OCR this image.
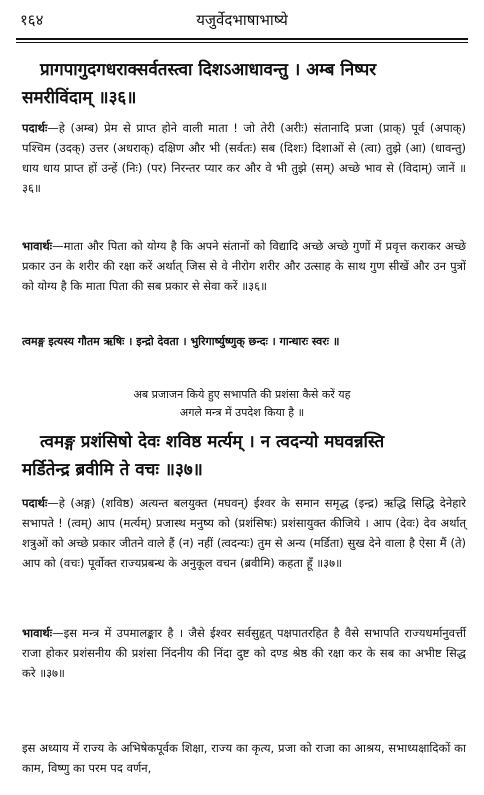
१६४	यजुर्वेदभाषाभाष्ये
प्रागपागुदगधराक्सर्वतस्त्वा दिशऽआधावन्तु । अम्ब निष्पर
समरीविंदाम् ॥३६॥
पदार्थः—हे (अम्ब) प्रेम से प्राप्त होने वाली माता ! जो तेरी (अरीः) संतानादि प्रजा (प्राक्) पूर्व (अपाक्) पश्चिम (उदक्) उत्तर (अधराक्) दक्षिण और भी (सर्वतः) सब (दिशः) दिशाओं से (त्वा) तुझे (आ) (धावन्तु) धाय धाय प्राप्त हों उन्हें (निः) (पर) निरन्तर प्यार कर और वे भी तुझे (सम्) अच्छे भाव से (विदाम्) जानें ॥३६॥
भावार्थः—माता और पिता को योग्य है कि अपने संतानों को विद्यादि अच्छे अच्छे गुणों में प्रवृत्त कराकर अच्छे प्रकार उन के शरीर की रक्षा करें अर्थात् जिस से वे नीरोग शरीर और उत्साह के साथ गुण सीखें और उन पुत्रों को योग्य है कि माता पिता की सब प्रकार से सेवा करें ॥३६॥
त्वमङ्ग इत्यस्य गौतम ऋषिः । इन्द्रो देवता । भुरिगार्ष्युष्णुक् छन्दः । गान्धारः स्वरः ॥
अब प्रजाजन किये हुए सभापति की प्रशंसा कैसे करें यह
अगले मन्त्र में उपदेश किया है ॥
त्वमङ्ग प्रशंसिषो देवः शविष्ठ मर्त्यम् । न त्वदन्यो मघवन्नस्ति
मर्डितेन्द्र ब्रवीमि ते वचः ॥३७॥
पदार्थः—हे (अङ्ग) (शविष्ठ) अत्यन्त बलयुक्त (मघवन्) ईश्वर के समान समृद्ध (इन्द्र) ऋद्धि सिद्धि देनेहारे सभापते ! (त्वम्) आप (मर्त्यम्) प्रजास्थ मनुष्य को (प्रशंसिषः) प्रशंसायुक्त कीजिये । आप (देवः) देव अर्थात् शत्रुओं को अच्छे प्रकार जीतने वाले हैं (न) नहीं (त्वदन्यः) तुम से अन्य (मर्डिता) सुख देने वाला है ऐसा मैं (ते) आप को (वचः) पूर्वोक्त राज्यप्रबन्ध के अनुकूल वचन (ब्रवीमि) कहता हूँ ॥३७॥
भावार्थः—इस मन्त्र में उपमालङ्कार है । जैसे ईश्वर सर्वसुहृत् पक्षपातरहित है वैसे सभापति राज्यधर्मानुवर्त्ती राजा होकर प्रशंसनीय की प्रशंसा निंदनीय की निंदा दुष्ट को दण्ड श्रेष्ठ की रक्षा कर के सब का अभीष्ट सिद्ध करे ॥३७॥
इस अध्याय में राज्य के अभिषेकपूर्वक शिक्षा, राज्य का कृत्य, प्रजा को राजा का आश्रय, सभाध्यक्षादिकों का काम, विष्णु का परम पद वर्णन,
